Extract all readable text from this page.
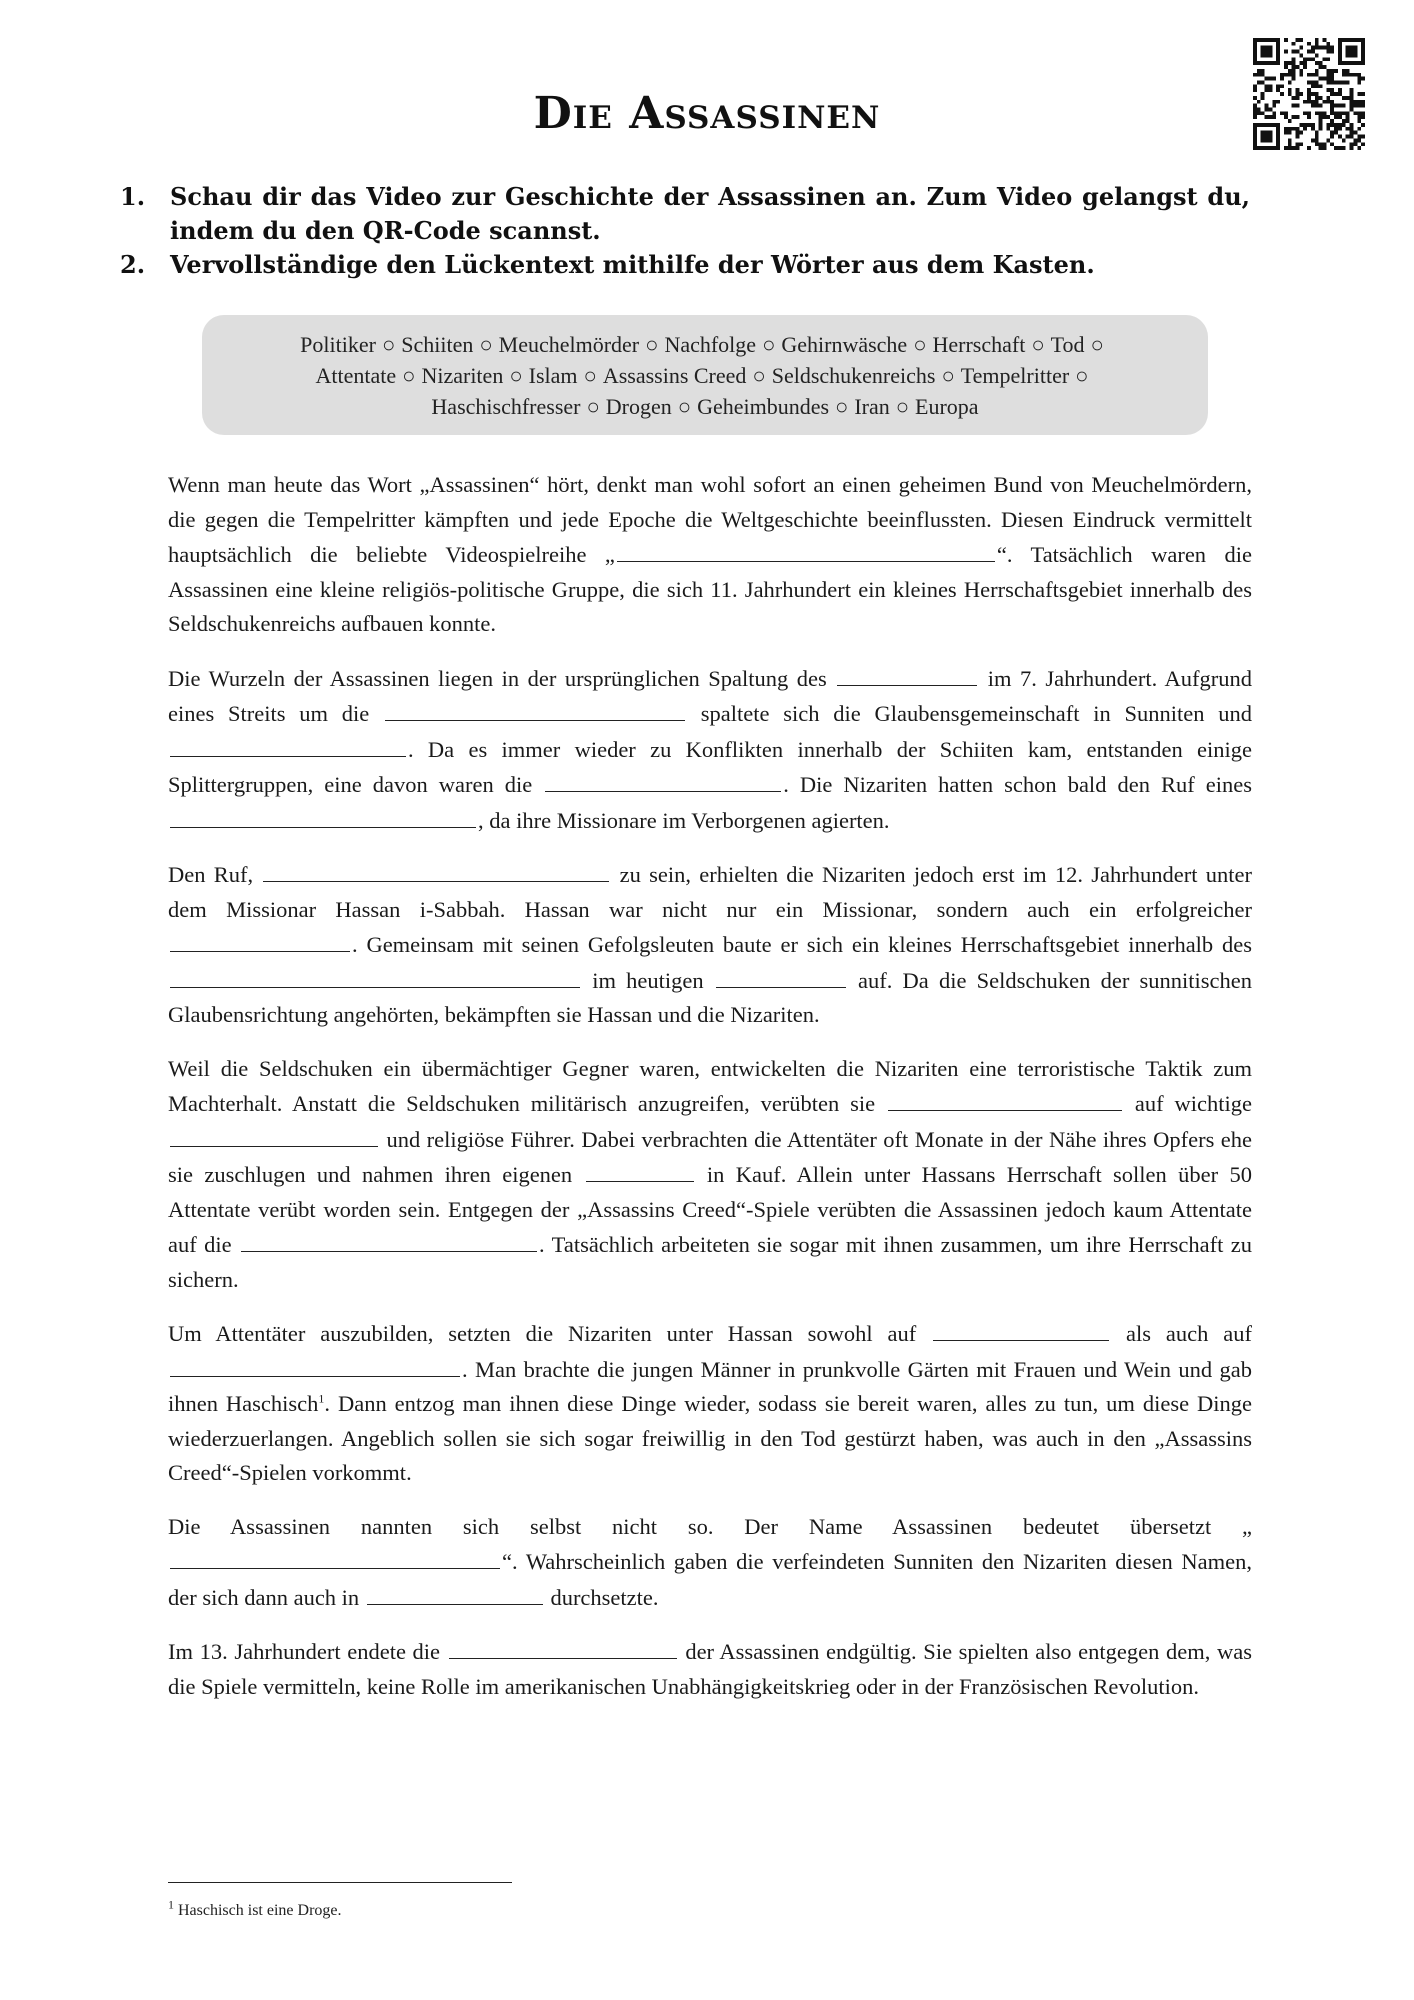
Die Assassinen
1. Schau dir das Video zur Geschichte der Assassinen an. Zum Video gelangst du, indem du den QR-Code scannst.
2. Vervollständige den Lückentext mithilfe der Wörter aus dem Kasten.
Politiker ○ Schiiten ○ Meuchelmörder ○ Nachfolge ○ Gehirnwäsche ○ Herrschaft ○ Tod ○
Attentate ○ Nizariten ○ Islam ○ Assassins Creed ○ Seldschukenreichs ○ Tempelritter ○
Haschischfresser ○ Drogen ○ Geheimbundes ○ Iran ○ Europa

Wenn man heute das Wort „Assassinen“ hört, denkt man wohl sofort an einen geheimen Bund von Meuchelmördern, die gegen die Tempelritter kämpften und jede Epoche die Weltgeschichte beeinflussten. Diesen Eindruck vermittelt hauptsächlich die beliebte Videospielreihe „	“. Tatsächlich waren die Assassinen eine kleine religiös-politische Gruppe, die sich 11. Jahrhundert ein kleines Herrschaftsgebiet innerhalb des Seldschukenreichs aufbauen konnte.

Die Wurzeln der Assassinen liegen in der ursprünglichen Spaltung des	im 7. Jahrhundert. Aufgrund eines Streits um die	spaltete sich die Glaubensgemeinschaft in Sunniten und . Da es immer wieder zu Konflikten innerhalb der Schiiten kam, entstanden einige Splittergruppen, eine davon waren die	. Die Nizariten hatten schon bald den Ruf eines , da ihre Missionare im Verborgenen agierten.

Den Ruf,	zu sein, erhielten die Nizariten jedoch erst im 12. Jahrhundert unter dem Missionar Hassan i-Sabbah. Hassan war nicht nur ein Missionar, sondern auch ein erfolgreicher . Gemeinsam mit seinen Gefolgsleuten baute er sich ein kleines Herrschaftsgebiet innerhalb des  im heutigen	auf. Da die Seldschuken der sunnitischen Glaubensrichtung angehörten, bekämpften sie Hassan und die Nizariten.

Weil die Seldschuken ein übermächtiger Gegner waren, entwickelten die Nizariten eine terroristische Taktik zum Machterhalt. Anstatt die Seldschuken militärisch anzugreifen, verübten sie	auf wichtige  und religiöse Führer. Dabei verbrachten die Attentäter oft Monate in der Nähe ihres Opfers ehe sie zuschlugen und nahmen ihren eigenen	in Kauf. Allein unter Hassans Herrschaft sollen über 50 Attentate verübt worden sein. Entgegen der „Assassins Creed“-Spiele verübten die Assassinen jedoch kaum Attentate auf die	. Tatsächlich arbeiteten sie sogar mit ihnen zusammen, um ihre Herrschaft zu sichern.

Um Attentäter auszubilden, setzten die Nizariten unter Hassan sowohl auf	als auch auf . Man brachte die jungen Männer in prunkvolle Gärten mit Frauen und Wein und gab ihnen Haschisch$^1$. Dann entzog man ihnen diese Dinge wieder, sodass sie bereit waren, alles zu tun, um diese Dinge wiederzuerlangen. Angeblich sollen sie sich sogar freiwillig in den Tod gestürzt haben, was auch in den „Assassins Creed“-Spielen vorkommt.

Die Assassinen nannten sich selbst nicht so. Der Name Assassinen bedeutet übersetzt „“. Wahrscheinlich gaben die verfeindeten Sunniten den Nizariten diesen Namen, der sich dann auch in	durchsetzte.

Im 13. Jahrhundert endete die	der Assassinen endgültig. Sie spielten also entgegen dem, was die Spiele vermitteln, keine Rolle im amerikanischen Unabhängigkeitskrieg oder in der Französischen Revolution.

$^1$ Haschisch ist eine Droge.
